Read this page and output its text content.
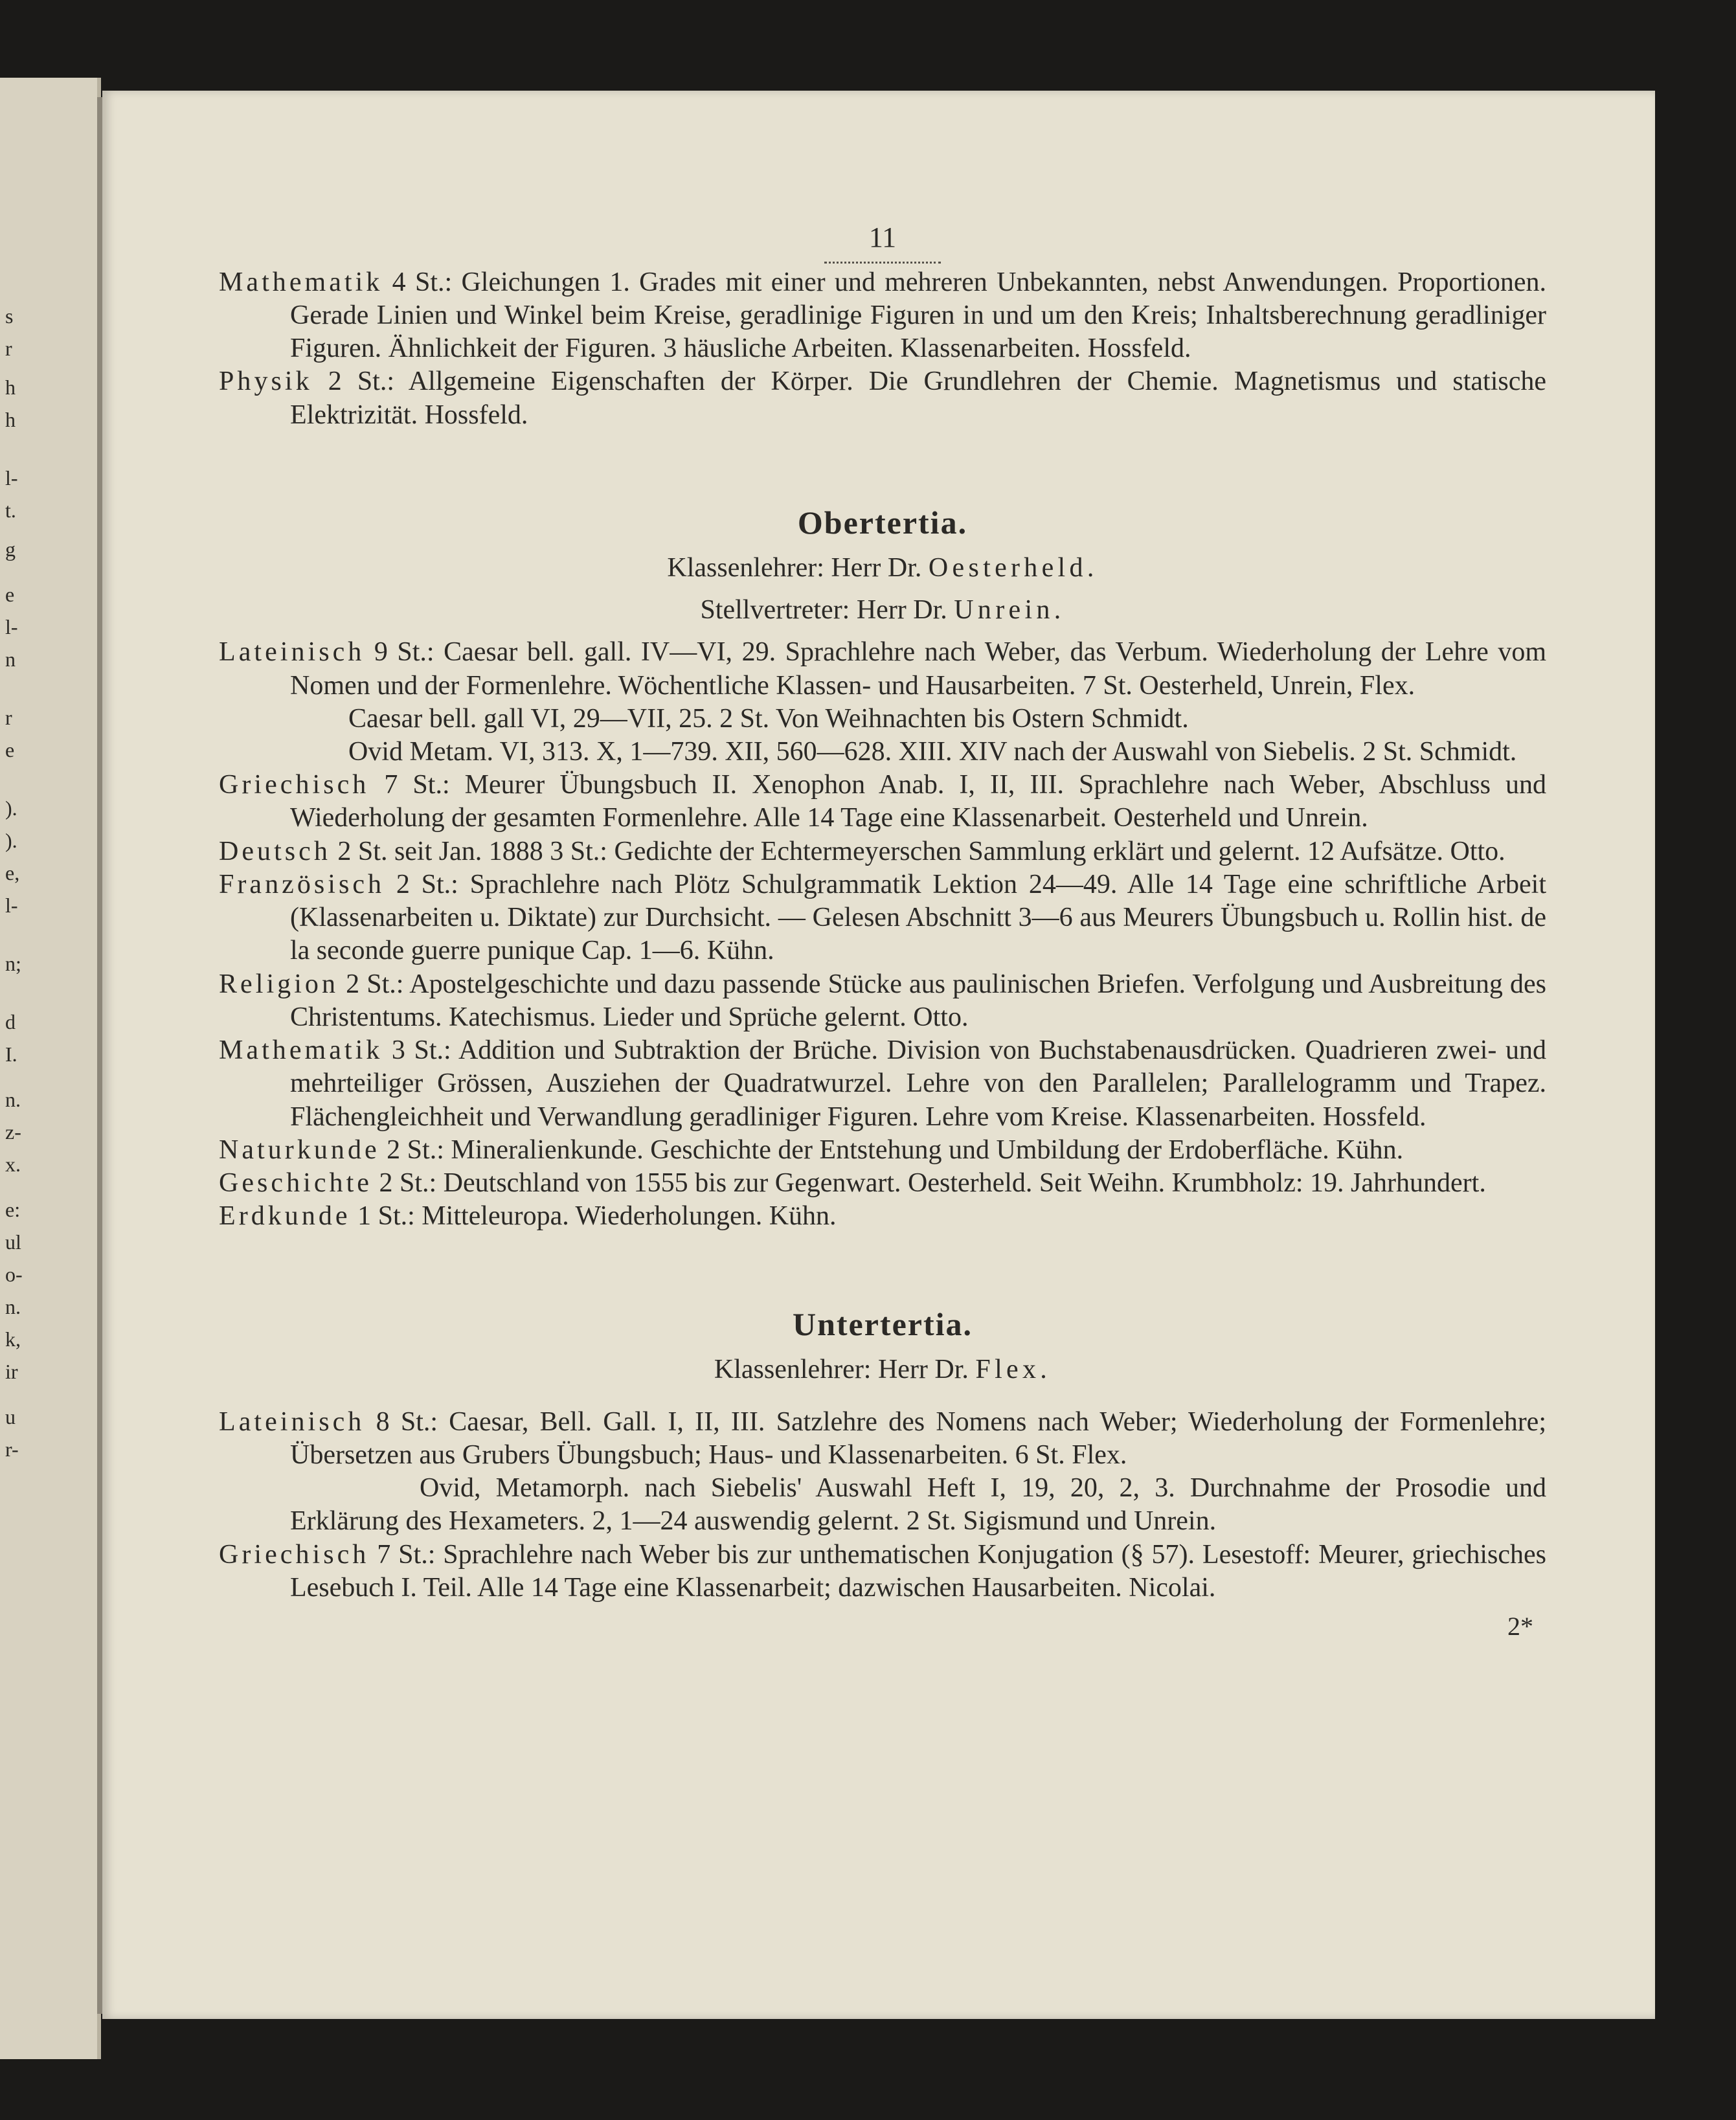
s
r
h
h
l-
t.
g
e
l-
n
r
e
).
).
e,
l-
n;
d
I.
n.
z-
x.
e:
ul
o-
n.
k,
ir
u
r-
11

Mathematik 4 St.: Gleichungen 1. Grades mit einer und mehreren Unbekannten, nebst Anwendungen. Proportionen. Gerade Linien und Winkel beim Kreise, geradlinige Figuren in und um den Kreis; Inhaltsberechnung geradliniger Figuren. Ähnlichkeit der Figuren. 3 häusliche Arbeiten. Klassenarbeiten. Hossfeld.

Physik 2 St.: Allgemeine Eigenschaften der Körper. Die Grundlehren der Chemie. Magnetismus und statische Elektrizität. Hossfeld.

Obertertia.

Klassenlehrer: Herr Dr. Oesterheld.

Stellvertreter: Herr Dr. Unrein.

Lateinisch 9 St.: Caesar bell. gall. IV—VI, 29. Sprachlehre nach Weber, das Verbum. Wiederholung der Lehre vom Nomen und der Formenlehre. Wöchentliche Klassen- und Hausarbeiten. 7 St. Oesterheld, Unrein, Flex.

Caesar bell. gall VI, 29—VII, 25. 2 St. Von Weihnachten bis Ostern Schmidt.

Ovid Metam. VI, 313. X, 1—739. XII, 560—628. XIII. XIV nach der Auswahl von Siebelis. 2 St. Schmidt.

Griechisch 7 St.: Meurer Übungsbuch II. Xenophon Anab. I, II, III. Sprachlehre nach Weber, Abschluss und Wiederholung der gesamten Formenlehre. Alle 14 Tage eine Klassenarbeit. Oesterheld und Unrein.

Deutsch 2 St. seit Jan. 1888 3 St.: Gedichte der Echtermeyerschen Sammlung erklärt und gelernt. 12 Aufsätze. Otto.

Französisch 2 St.: Sprachlehre nach Plötz Schulgrammatik Lektion 24—49. Alle 14 Tage eine schriftliche Arbeit (Klassenarbeiten u. Diktate) zur Durchsicht. — Gelesen Abschnitt 3—6 aus Meurers Übungsbuch u. Rollin hist. de la seconde guerre punique Cap. 1—6. Kühn.

Religion 2 St.: Apostelgeschichte und dazu passende Stücke aus paulinischen Briefen. Verfolgung und Ausbreitung des Christentums. Katechismus. Lieder und Sprüche gelernt. Otto.

Mathematik 3 St.: Addition und Subtraktion der Brüche. Division von Buchstabenausdrücken. Quadrieren zwei- und mehrteiliger Grössen, Ausziehen der Quadratwurzel. Lehre von den Parallelen; Parallelogramm und Trapez. Flächengleichheit und Verwandlung geradliniger Figuren. Lehre vom Kreise. Klassenarbeiten. Hossfeld.

Naturkunde 2 St.: Mineralienkunde. Geschichte der Entstehung und Umbildung der Erdoberfläche. Kühn.

Geschichte 2 St.: Deutschland von 1555 bis zur Gegenwart. Oesterheld. Seit Weihn. Krumbholz: 19. Jahrhundert.

Erdkunde 1 St.: Mitteleuropa. Wiederholungen. Kühn.

Untertertia.

Klassenlehrer: Herr Dr. Flex.

Lateinisch 8 St.: Caesar, Bell. Gall. I, II, III. Satzlehre des Nomens nach Weber; Wiederholung der Formenlehre; Übersetzen aus Grubers Übungsbuch; Haus- und Klassenarbeiten. 6 St. Flex.

Ovid, Metamorph. nach Siebelis' Auswahl Heft I, 19, 20, 2, 3. Durchnahme der Prosodie und Erklärung des Hexameters. 2, 1—24 auswendig gelernt. 2 St. Sigismund und Unrein.

Griechisch 7 St.: Sprachlehre nach Weber bis zur unthematischen Konjugation (§ 57). Lesestoff: Meurer, griechisches Lesebuch I. Teil. Alle 14 Tage eine Klassenarbeit; dazwischen Hausarbeiten. Nicolai.

2*
